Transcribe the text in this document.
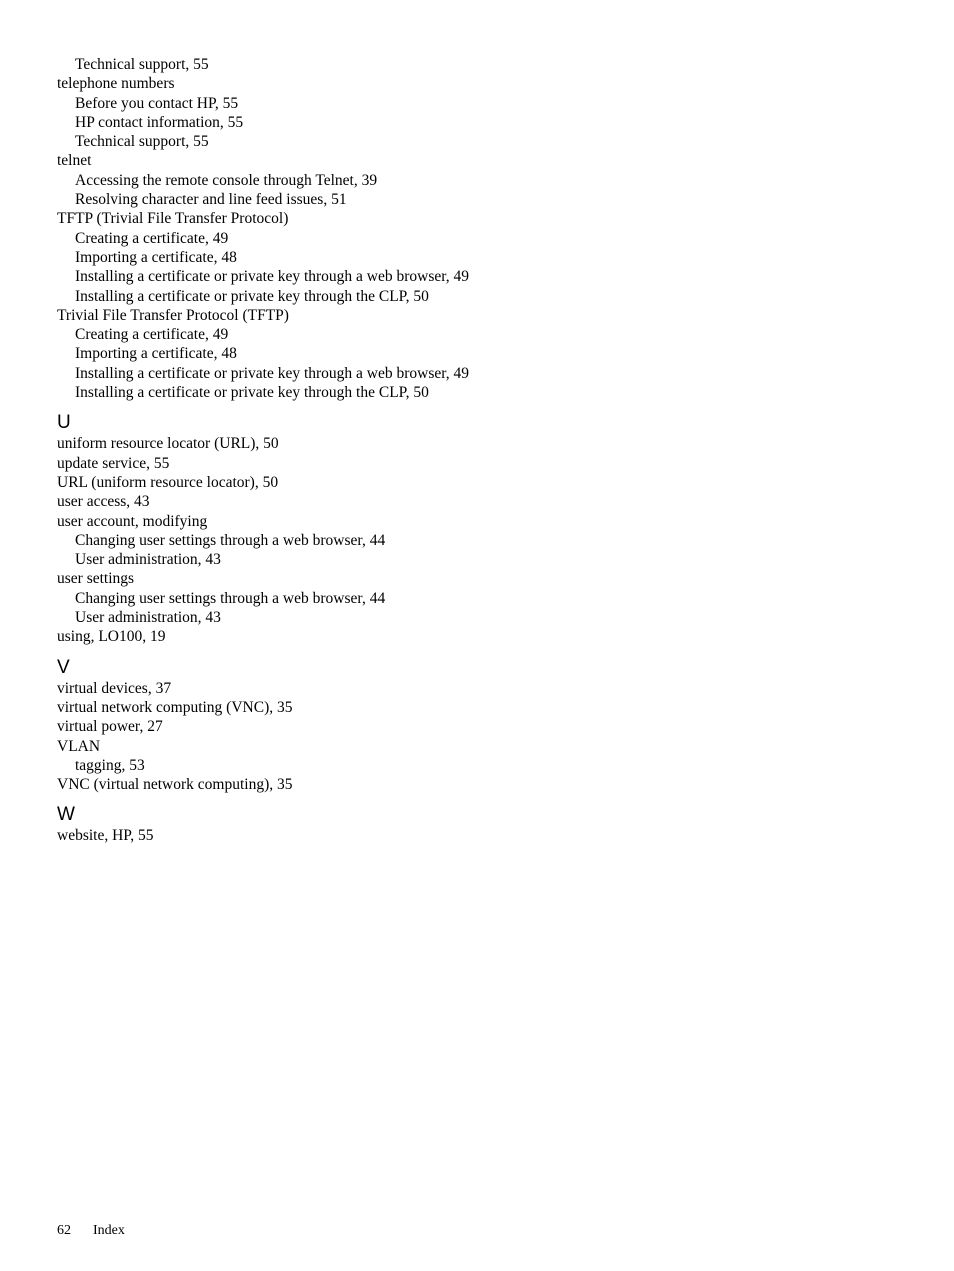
Technical support, 55

telephone numbers

Before you contact HP, 55

HP contact information, 55

Technical support, 55

telnet

Accessing the remote console through Telnet, 39

Resolving character and line feed issues, 51

TFTP (Trivial File Transfer Protocol)

Creating a certificate, 49

Importing a certificate, 48

Installing a certificate or private key through a web browser, 49

Installing a certificate or private key through the CLP, 50

Trivial File Transfer Protocol (TFTP)

Creating a certificate, 49

Importing a certificate, 48

Installing a certificate or private key through a web browser, 49

Installing a certificate or private key through the CLP, 50

U

uniform resource locator (URL), 50

update service, 55

URL (uniform resource locator), 50

user access, 43

user account, modifying

Changing user settings through a web browser, 44

User administration, 43

user settings

Changing user settings through a web browser, 44

User administration, 43

using, LO100, 19

V

virtual devices, 37

virtual network computing (VNC), 35

virtual power, 27

VLAN

tagging, 53

VNC (virtual network computing), 35

W

website, HP, 55

62 Index
